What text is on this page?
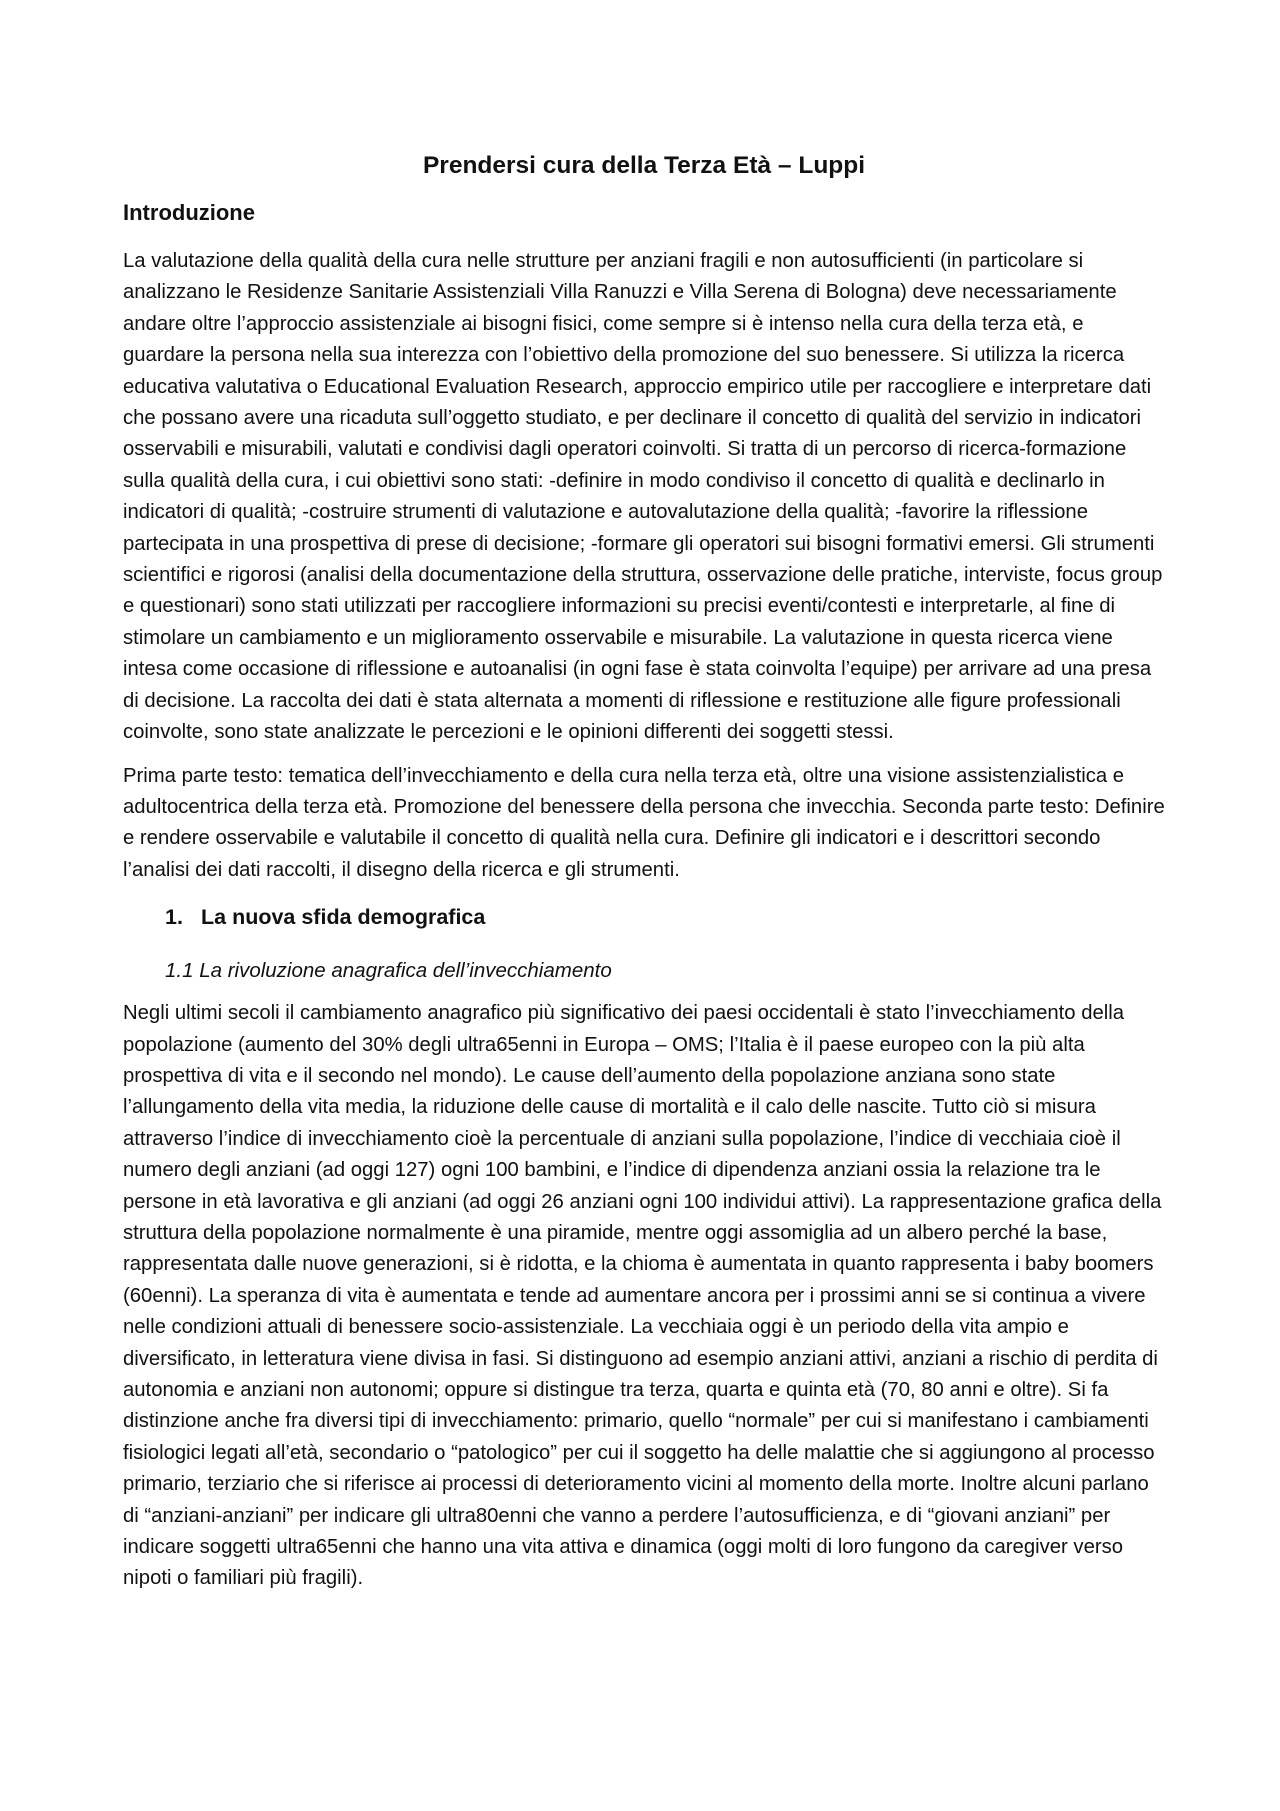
Prendersi cura della Terza Età – Luppi
Introduzione

La valutazione della qualità della cura nelle strutture per anziani fragili e non autosufficienti (in particolare si analizzano le Residenze Sanitarie Assistenziali Villa Ranuzzi e Villa Serena di Bologna) deve necessariamente andare oltre l’approccio assistenziale ai bisogni fisici, come sempre si è intenso nella cura della terza età, e guardare la persona nella sua interezza con l’obiettivo della promozione del suo benessere. Si utilizza la ricerca educativa valutativa o Educational Evaluation Research, approccio empirico utile per raccogliere e interpretare dati che possano avere una ricaduta sull’oggetto studiato, e per declinare il concetto di qualità del servizio in indicatori osservabili e misurabili, valutati e condivisi dagli operatori coinvolti. Si tratta di un percorso di ricerca-formazione sulla qualità della cura, i cui obiettivi sono stati: -definire in modo condiviso il concetto di qualità e declinarlo in indicatori di qualità; -costruire strumenti di valutazione e autovalutazione della qualità; -favorire la riflessione partecipata in una prospettiva di prese di decisione; -formare gli operatori sui bisogni formativi emersi. Gli strumenti scientifici e rigorosi (analisi della documentazione della struttura, osservazione delle pratiche, interviste, focus group e questionari) sono stati utilizzati per raccogliere informazioni su precisi eventi/contesti e interpretarle, al fine di stimolare un cambiamento e un miglioramento osservabile e misurabile. La valutazione in questa ricerca viene intesa come occasione di riflessione e autoanalisi (in ogni fase è stata coinvolta l’equipe) per arrivare ad una presa di decisione. La raccolta dei dati è stata alternata a momenti di riflessione e restituzione alle figure professionali coinvolte, sono state analizzate le percezioni e le opinioni differenti dei soggetti stessi.

Prima parte testo: tematica dell’invecchiamento e della cura nella terza età, oltre una visione assistenzialistica e adultocentrica della terza età. Promozione del benessere della persona che invecchia. Seconda parte testo: Definire e rendere osservabile e valutabile il concetto di qualità nella cura. Definire gli indicatori e i descrittori secondo l’analisi dei dati raccolti, il disegno della ricerca e gli strumenti.

1. La nuova sfida demografica
1.1 La rivoluzione anagrafica dell’invecchiamento

Negli ultimi secoli il cambiamento anagrafico più significativo dei paesi occidentali è stato l’invecchiamento della popolazione (aumento del 30% degli ultra65enni in Europa – OMS; l’Italia è il paese europeo con la più alta prospettiva di vita e il secondo nel mondo). Le cause dell’aumento della popolazione anziana sono state l’allungamento della vita media, la riduzione delle cause di mortalità e il calo delle nascite. Tutto ciò si misura attraverso l’indice di invecchiamento cioè la percentuale di anziani sulla popolazione, l’indice di vecchiaia cioè il numero degli anziani (ad oggi 127) ogni 100 bambini, e l’indice di dipendenza anziani ossia la relazione tra le persone in età lavorativa e gli anziani (ad oggi 26 anziani ogni 100 individui attivi). La rappresentazione grafica della struttura della popolazione normalmente è una piramide, mentre oggi assomiglia ad un albero perché la base, rappresentata dalle nuove generazioni, si è ridotta, e la chioma è aumentata in quanto rappresenta i baby boomers (60enni). La speranza di vita è aumentata e tende ad aumentare ancora per i prossimi anni se si continua a vivere nelle condizioni attuali di benessere socio-assistenziale. La vecchiaia oggi è un periodo della vita ampio e diversificato, in letteratura viene divisa in fasi. Si distinguono ad esempio anziani attivi, anziani a rischio di perdita di autonomia e anziani non autonomi; oppure si distingue tra terza, quarta e quinta età (70, 80 anni e oltre). Si fa distinzione anche fra diversi tipi di invecchiamento: primario, quello “normale” per cui si manifestano i cambiamenti fisiologici legati all’età, secondario o “patologico” per cui il soggetto ha delle malattie che si aggiungono al processo primario, terziario che si riferisce ai processi di deterioramento vicini al momento della morte. Inoltre alcuni parlano di “anziani-anziani” per indicare gli ultra80enni che vanno a perdere l’autosufficienza, e di “giovani anziani” per indicare soggetti ultra65enni che hanno una vita attiva e dinamica (oggi molti di loro fungono da caregiver verso nipoti o familiari più fragili).
